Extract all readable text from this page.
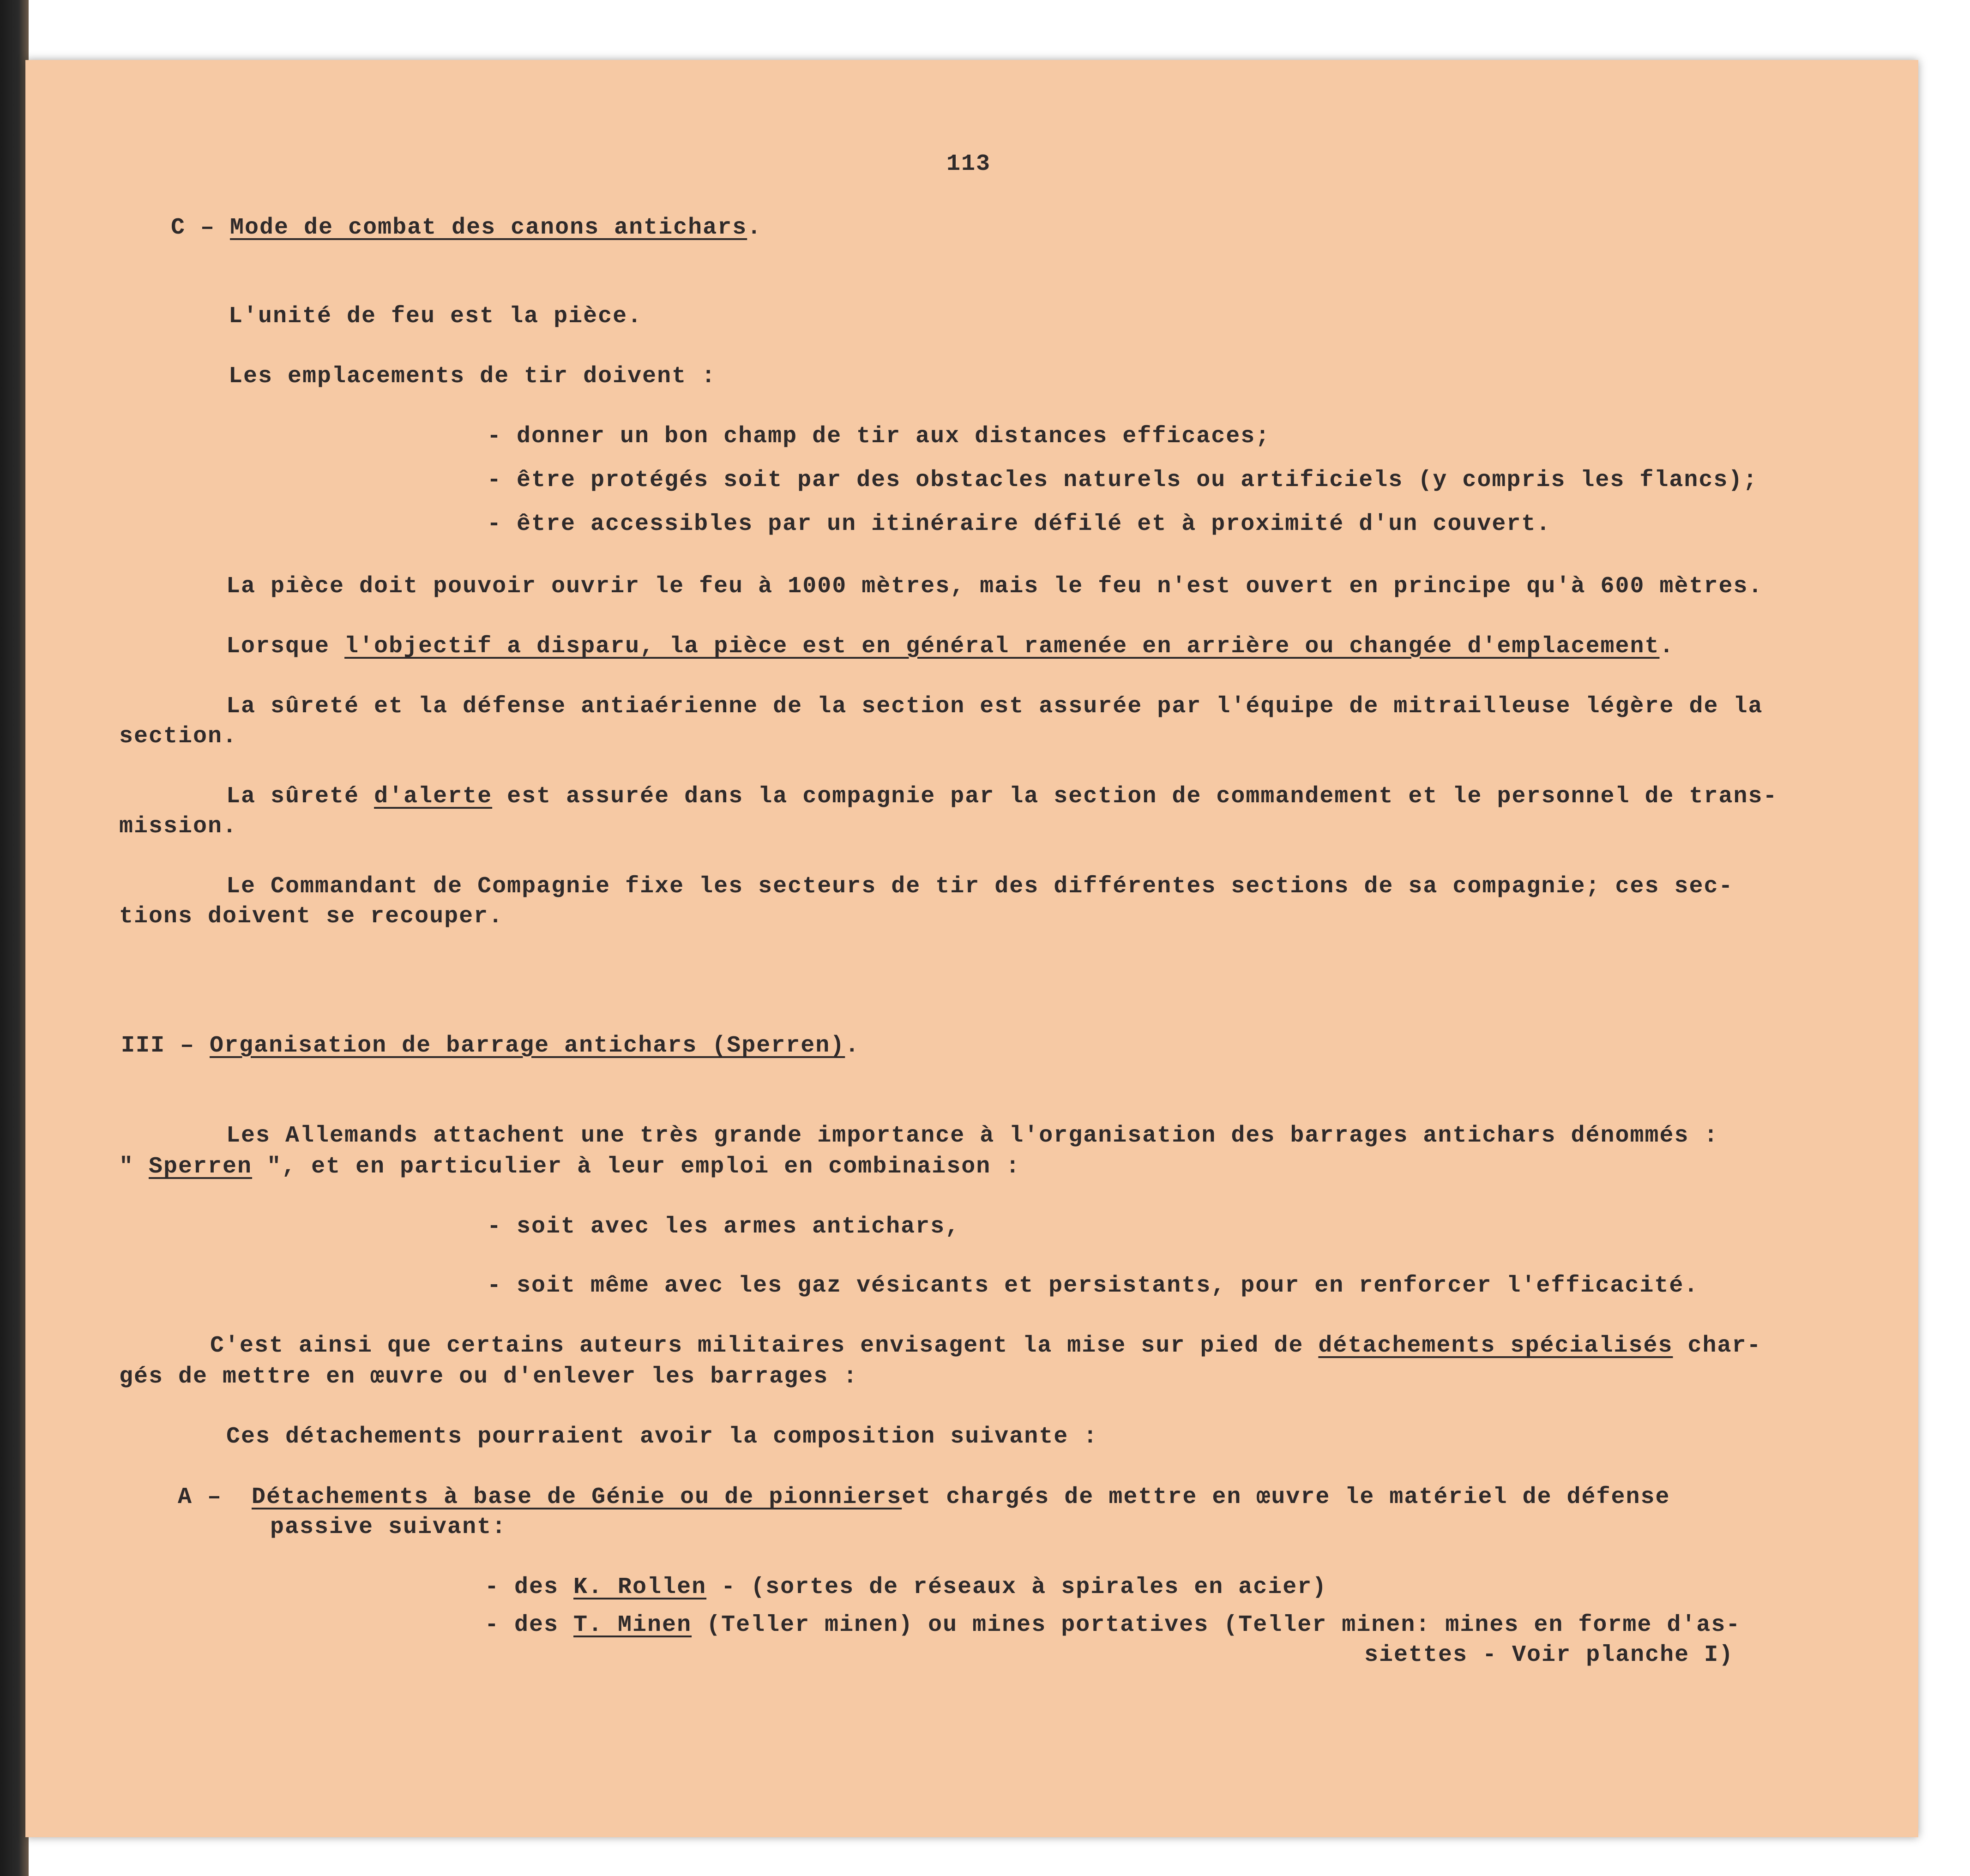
113
C – Mode de combat des canons antichars.
L'unité de feu est la pièce.
Les emplacements de tir doivent :
- donner un bon champ de tir aux distances efficaces;
- être protégés soit par des obstacles naturels ou artificiels (y compris les flancs);
- être accessibles par un itinéraire défilé et à proximité d'un couvert.
La pièce doit pouvoir ouvrir le feu à 1000 mètres, mais le feu n'est ouvert en principe qu'à 600 mètres.
Lorsque l'objectif a disparu, la pièce est en général ramenée en arrière ou changée d'emplacement.
La sûreté et la défense antiaérienne de la section est assurée par l'équipe de mitrailleuse légère de la
section.
La sûreté d'alerte est assurée dans la compagnie par la section de commandement et le personnel de trans-
mission.
Le Commandant de Compagnie fixe les secteurs de tir des différentes sections de sa compagnie; ces sec-
tions doivent se recouper.
III – Organisation de barrage antichars (Sperren).
Les Allemands attachent une très grande importance à l'organisation des barrages antichars dénommés :
" Sperren ", et en particulier à leur emploi en combinaison :
- soit avec les armes antichars,
- soit même avec les gaz vésicants et persistants, pour en renforcer l'efficacité.
C'est ainsi que certains auteurs militaires envisagent la mise sur pied de détachements spécialisés char-
gés de mettre en œuvre ou d'enlever les barrages :
Ces détachements pourraient avoir la composition suivante :
A – Détachements à base de Génie ou de pionnierset chargés de mettre en œuvre le matériel de défense
passive suivant:
- des K. Rollen - (sortes de réseaux à spirales en acier)
- des T. Minen (Teller minen) ou mines portatives (Teller minen: mines en forme d'as-
siettes - Voir planche I)
